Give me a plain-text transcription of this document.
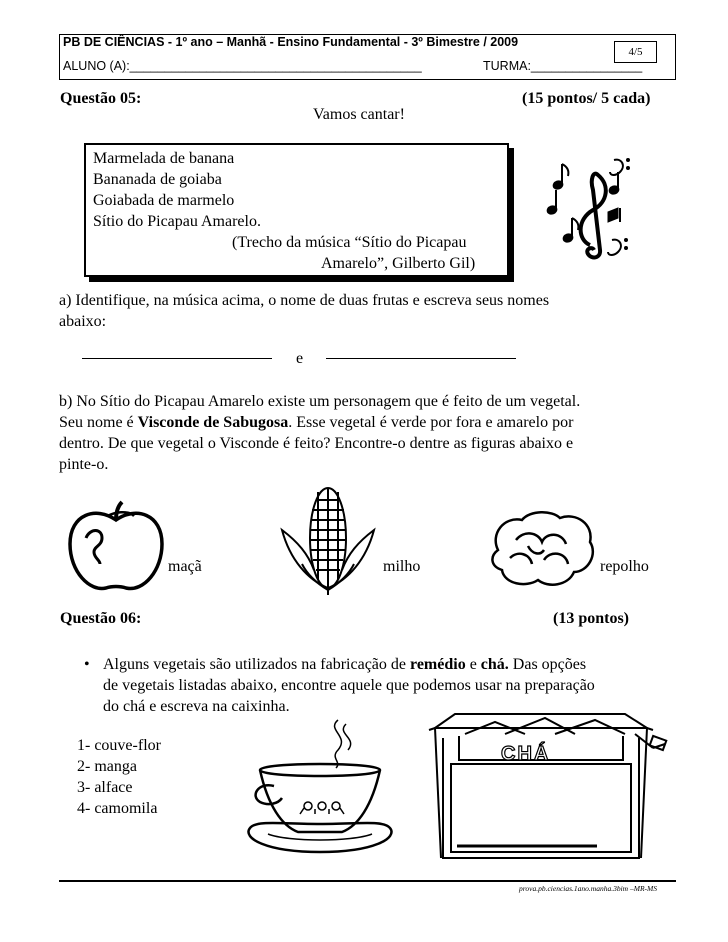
PB DE CIÊNCIAS - 1º ano – Manhã - Ensino Fundamental - 3º Bimestre / 2009
ALUNO (A):__________________________________________	TURMA:________________
4/5
Questão 05:	(15 pontos/ 5 cada)
Vamos cantar!
Marmelada de banana
Bananada de goiaba
Goiabada de marmelo
Sítio do Picapau Amarelo.
(Trecho da música “Sítio do Picapau
Amarelo”, Gilberto Gil)
a) Identifique, na música acima, o nome de duas frutas e escreva seus nomes
abaixo:
e
b) No Sítio do Picapau Amarelo existe um personagem que é feito de um vegetal.
Seu nome é Visconde de Sabugosa. Esse vegetal é verde por fora e amarelo por
dentro. De que vegetal o Visconde é feito? Encontre-o dentre as figuras abaixo e
pinte-o.
maçã	milho	repolho
Questão 06:	(13 pontos)
• Alguns vegetais são utilizados na fabricação de remédio e chá. Das opções
de vegetais listadas abaixo, encontre aquele que podemos usar na preparação
do chá e escreva na caixinha.
1- couve-flor
2- manga
3- alface
4- camomila
CHÁ
prova.pb.ciencias.1ano.manha.3bim –MR-MS
